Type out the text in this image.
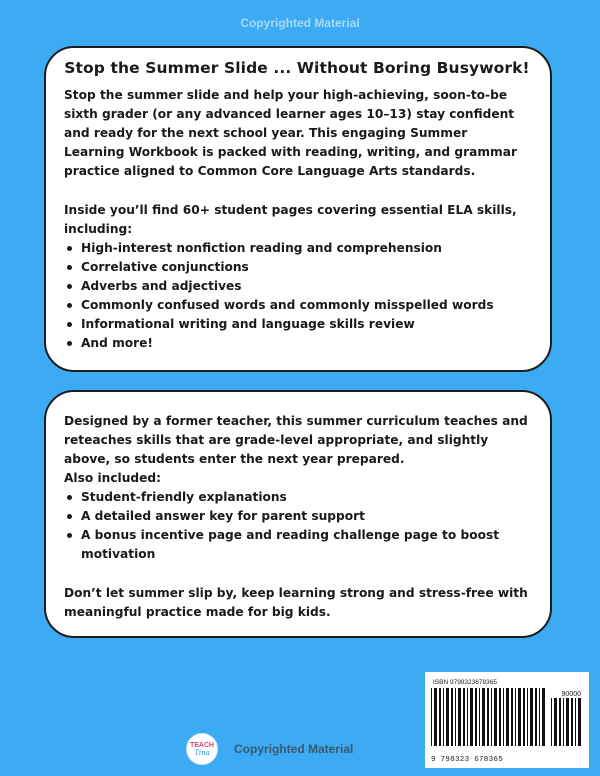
Copyrighted Material
Stop the Summer Slide ... Without Boring Busywork!

Stop the summer slide and help your high-achieving, soon-to-be sixth grader (or any advanced learner ages 10–13) stay confident and ready for the next school year. This engaging Summer Learning Workbook is packed with reading, writing, and grammar practice aligned to Common Core Language Arts standards.

Inside you’ll find 60+ student pages covering essential ELA skills, including:

High-interest nonfiction reading and comprehension
Correlative conjunctions
Adverbs and adjectives
Commonly confused words and commonly misspelled words
Informational writing and language skills review
And more!

Designed by a former teacher, this summer curriculum teaches and reteaches skills that are grade-level appropriate, and slightly above, so students enter the next year prepared.

Also included:

Student-friendly explanations
A detailed answer key for parent support
A bonus incentive page and reading challenge page to boost motivation

Don’t let summer slip by, keep learning strong and stress-free with meaningful practice made for big kids.

ISBN 9798323678365
90000
9 798323 678365
TEACH
Tina Copyrighted Material
